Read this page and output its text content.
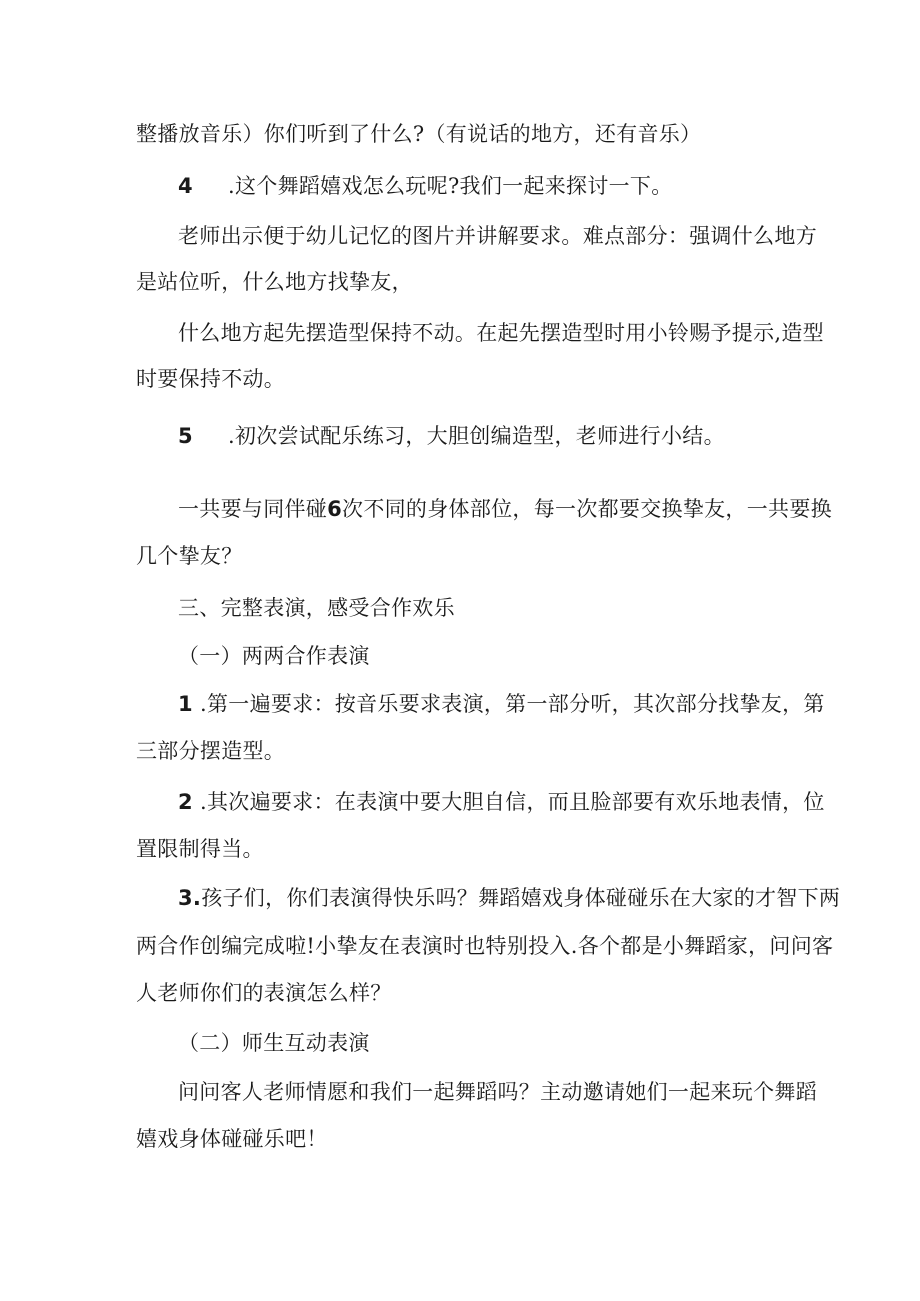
整播放音乐）你们听到了什么?（有说话的地方，还有音乐）
4 .这个舞蹈嬉戏怎么玩呢?我们一起来探讨一下。
老师出示便于幼儿记忆的图片并讲解要求。难点部分：强调什么地方
是站位听，什么地方找挚友，
什么地方起先摆造型保持不动。在起先摆造型时用小铃赐予提示,造型
时要保持不动。
5 .初次尝试配乐练习，大胆创编造型，老师进行小结。
一共要与同伴碰6次不同的身体部位，每一次都要交换挚友，一共要换
几个挚友？
三、完整表演，感受合作欢乐
（一）两两合作表演
1 .第一遍要求：按音乐要求表演，第一部分听，其次部分找挚友，第
三部分摆造型。
2 .其次遍要求：在表演中要大胆自信，而且脸部要有欢乐地表情，位
置限制得当。
3.孩子们，你们表演得快乐吗？舞蹈嬉戏身体碰碰乐在大家的才智下两
两合作创编完成啦!小挚友在表演时也特别投入.各个都是小舞蹈家，问问客
人老师你们的表演怎么样？
（二）师生互动表演
问问客人老师情愿和我们一起舞蹈吗？主动邀请她们一起来玩个舞蹈
嬉戏身体碰碰乐吧！
